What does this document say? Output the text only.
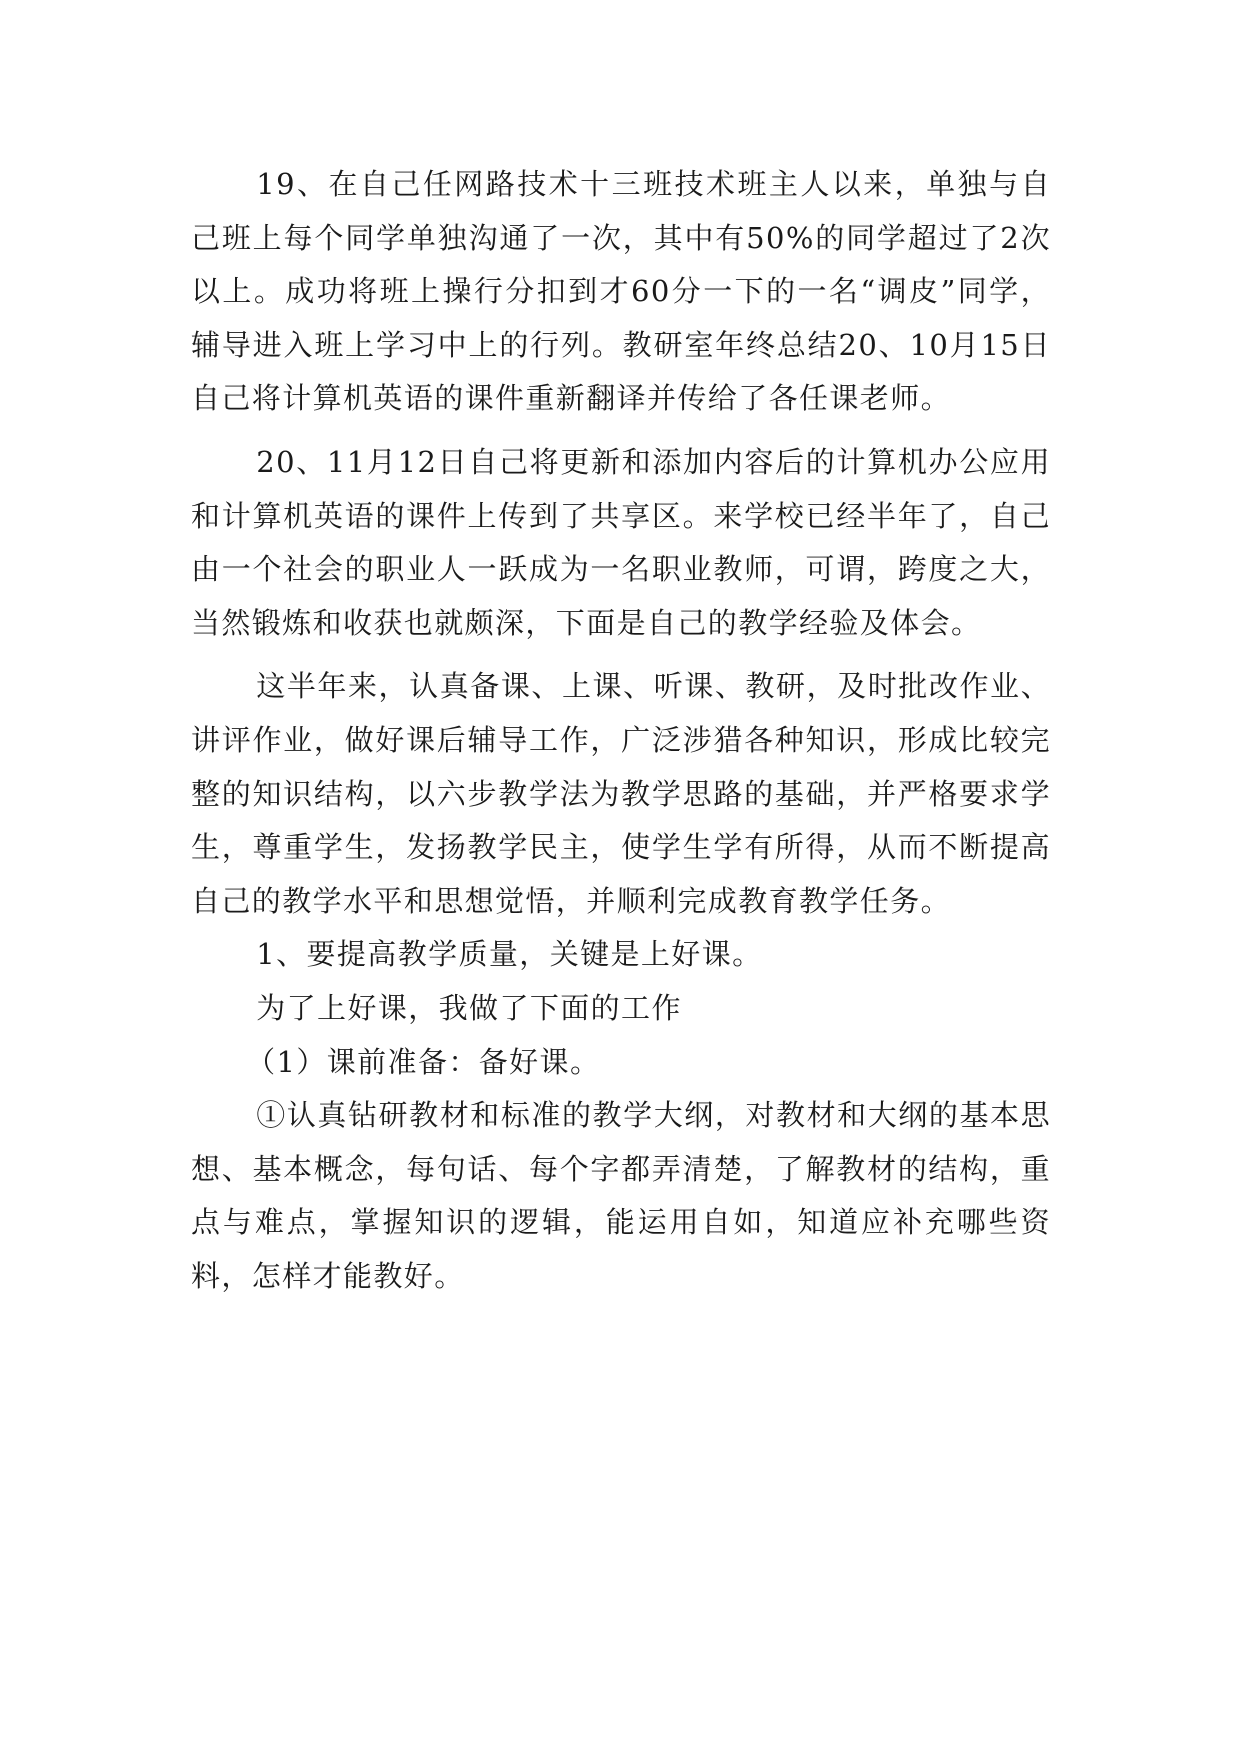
19、在自己任网路技术十三班技术班主人以来，单独与自己班上每个同学单独沟通了一次，其中有50%的同学超过了2次以上。成功将班上操行分扣到才60分一下的一名“调皮”同学，辅导进入班上学习中上的行列。教研室年终总结20、10月15日自己将计算机英语的课件重新翻译并传给了各任课老师。

20、11月12日自己将更新和添加内容后的计算机办公应用和计算机英语的课件上传到了共享区。来学校已经半年了，自己由一个社会的职业人一跃成为一名职业教师，可谓，跨度之大，当然锻炼和收获也就颇深，下面是自己的教学经验及体会。

这半年来，认真备课、上课、听课、教研，及时批改作业、讲评作业，做好课后辅导工作，广泛涉猎各种知识，形成比较完整的知识结构，以六步教学法为教学思路的基础，并严格要求学生，尊重学生，发扬教学民主，使学生学有所得，从而不断提高自己的教学水平和思想觉悟，并顺利完成教育教学任务。

1、要提高教学质量，关键是上好课。

为了上好课，我做了下面的工作

（1）课前准备：备好课。

①认真钻研教材和标准的教学大纲，对教材和大纲的基本思想、基本概念，每句话、每个字都弄清楚，了解教材的结构，重点与难点，掌握知识的逻辑，能运用自如，知道应补充哪些资料，怎样才能教好。
